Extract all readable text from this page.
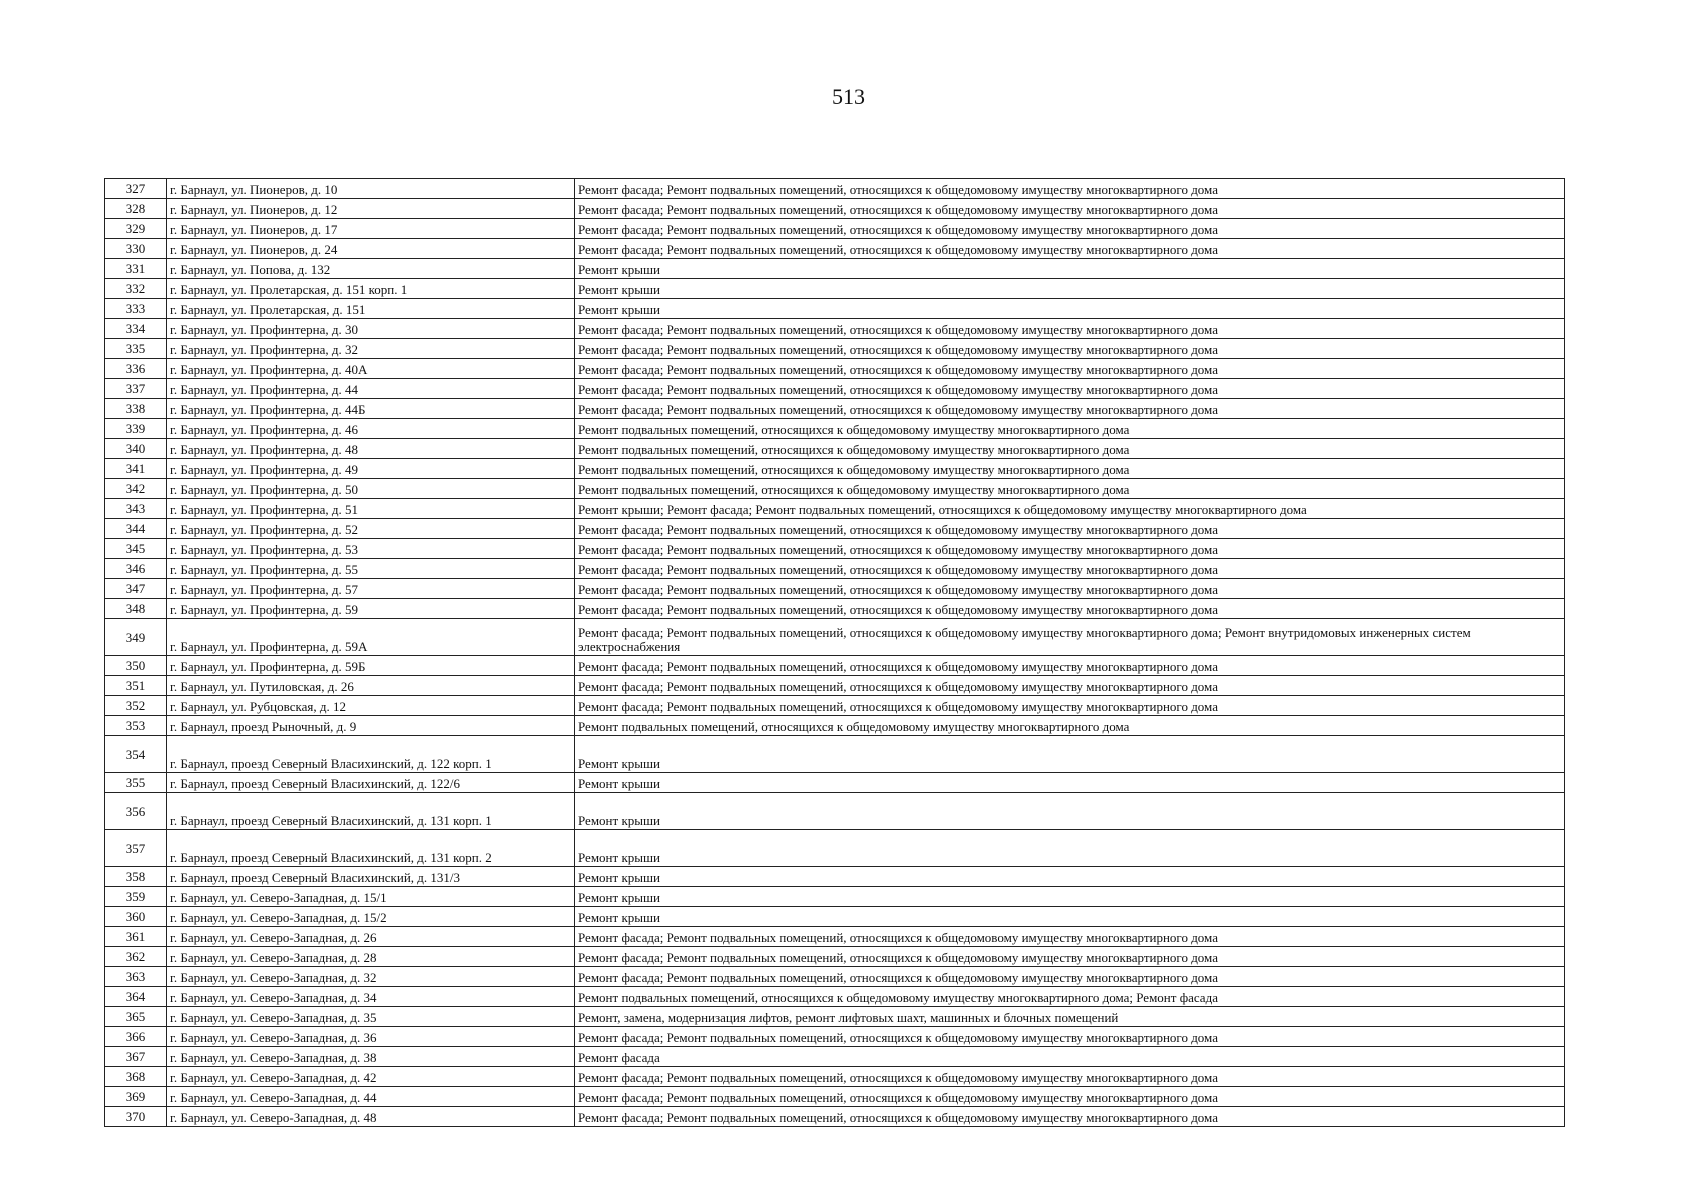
513
327	г. Барнаул, ул. Пионеров, д. 10	Ремонт фасада; Ремонт подвальных помещений, относящихся к общедомовому имуществу многоквартирного дома
328	г. Барнаул, ул. Пионеров, д. 12	Ремонт фасада; Ремонт подвальных помещений, относящихся к общедомовому имуществу многоквартирного дома
329	г. Барнаул, ул. Пионеров, д. 17	Ремонт фасада; Ремонт подвальных помещений, относящихся к общедомовому имуществу многоквартирного дома
330	г. Барнаул, ул. Пионеров, д. 24	Ремонт фасада; Ремонт подвальных помещений, относящихся к общедомовому имуществу многоквартирного дома
331	г. Барнаул, ул. Попова, д. 132	Ремонт крыши
332	г. Барнаул, ул. Пролетарская, д. 151 корп. 1	Ремонт крыши
333	г. Барнаул, ул. Пролетарская, д. 151	Ремонт крыши
334	г. Барнаул, ул. Профинтерна, д. 30	Ремонт фасада; Ремонт подвальных помещений, относящихся к общедомовому имуществу многоквартирного дома
335	г. Барнаул, ул. Профинтерна, д. 32	Ремонт фасада; Ремонт подвальных помещений, относящихся к общедомовому имуществу многоквартирного дома
336	г. Барнаул, ул. Профинтерна, д. 40А	Ремонт фасада; Ремонт подвальных помещений, относящихся к общедомовому имуществу многоквартирного дома
337	г. Барнаул, ул. Профинтерна, д. 44	Ремонт фасада; Ремонт подвальных помещений, относящихся к общедомовому имуществу многоквартирного дома
338	г. Барнаул, ул. Профинтерна, д. 44Б	Ремонт фасада; Ремонт подвальных помещений, относящихся к общедомовому имуществу многоквартирного дома
339	г. Барнаул, ул. Профинтерна, д. 46	Ремонт подвальных помещений, относящихся к общедомовому имуществу многоквартирного дома
340	г. Барнаул, ул. Профинтерна, д. 48	Ремонт подвальных помещений, относящихся к общедомовому имуществу многоквартирного дома
341	г. Барнаул, ул. Профинтерна, д. 49	Ремонт подвальных помещений, относящихся к общедомовому имуществу многоквартирного дома
342	г. Барнаул, ул. Профинтерна, д. 50	Ремонт подвальных помещений, относящихся к общедомовому имуществу многоквартирного дома
343	г. Барнаул, ул. Профинтерна, д. 51	Ремонт крыши; Ремонт фасада; Ремонт подвальных помещений, относящихся к общедомовому имуществу многоквартирного дома
344	г. Барнаул, ул. Профинтерна, д. 52	Ремонт фасада; Ремонт подвальных помещений, относящихся к общедомовому имуществу многоквартирного дома
345	г. Барнаул, ул. Профинтерна, д. 53	Ремонт фасада; Ремонт подвальных помещений, относящихся к общедомовому имуществу многоквартирного дома
346	г. Барнаул, ул. Профинтерна, д. 55	Ремонт фасада; Ремонт подвальных помещений, относящихся к общедомовому имуществу многоквартирного дома
347	г. Барнаул, ул. Профинтерна, д. 57	Ремонт фасада; Ремонт подвальных помещений, относящихся к общедомовому имуществу многоквартирного дома
348	г. Барнаул, ул. Профинтерна, д. 59	Ремонт фасада; Ремонт подвальных помещений, относящихся к общедомовому имуществу многоквартирного дома
349	г. Барнаул, ул. Профинтерна, д. 59А	Ремонт фасада; Ремонт подвальных помещений, относящихся к общедомовому имуществу многоквартирного дома; Ремонт внутридомовых инженерных систем электроснабжения
350	г. Барнаул, ул. Профинтерна, д. 59Б	Ремонт фасада; Ремонт подвальных помещений, относящихся к общедомовому имуществу многоквартирного дома
351	г. Барнаул, ул. Путиловская, д. 26	Ремонт фасада; Ремонт подвальных помещений, относящихся к общедомовому имуществу многоквартирного дома
352	г. Барнаул, ул. Рубцовская, д. 12	Ремонт фасада; Ремонт подвальных помещений, относящихся к общедомовому имуществу многоквартирного дома
353	г. Барнаул, проезд Рыночный, д. 9	Ремонт подвальных помещений, относящихся к общедомовому имуществу многоквартирного дома
354	г. Барнаул, проезд Северный Власихинский, д. 122 корп. 1	Ремонт крыши
355	г. Барнаул, проезд Северный Власихинский, д. 122/6	Ремонт крыши
356	г. Барнаул, проезд Северный Власихинский, д. 131 корп. 1	Ремонт крыши
357	г. Барнаул, проезд Северный Власихинский, д. 131 корп. 2	Ремонт крыши
358	г. Барнаул, проезд Северный Власихинский, д. 131/3	Ремонт крыши
359	г. Барнаул, ул. Северо-Западная, д. 15/1	Ремонт крыши
360	г. Барнаул, ул. Северо-Западная, д. 15/2	Ремонт крыши
361	г. Барнаул, ул. Северо-Западная, д. 26	Ремонт фасада; Ремонт подвальных помещений, относящихся к общедомовому имуществу многоквартирного дома
362	г. Барнаул, ул. Северо-Западная, д. 28	Ремонт фасада; Ремонт подвальных помещений, относящихся к общедомовому имуществу многоквартирного дома
363	г. Барнаул, ул. Северо-Западная, д. 32	Ремонт фасада; Ремонт подвальных помещений, относящихся к общедомовому имуществу многоквартирного дома
364	г. Барнаул, ул. Северо-Западная, д. 34	Ремонт подвальных помещений, относящихся к общедомовому имуществу многоквартирного дома; Ремонт фасада
365	г. Барнаул, ул. Северо-Западная, д. 35	Ремонт, замена, модернизация лифтов, ремонт лифтовых шахт, машинных и блочных помещений
366	г. Барнаул, ул. Северо-Западная, д. 36	Ремонт фасада; Ремонт подвальных помещений, относящихся к общедомовому имуществу многоквартирного дома
367	г. Барнаул, ул. Северо-Западная, д. 38	Ремонт фасада
368	г. Барнаул, ул. Северо-Западная, д. 42	Ремонт фасада; Ремонт подвальных помещений, относящихся к общедомовому имуществу многоквартирного дома
369	г. Барнаул, ул. Северо-Западная, д. 44	Ремонт фасада; Ремонт подвальных помещений, относящихся к общедомовому имуществу многоквартирного дома
370	г. Барнаул, ул. Северо-Западная, д. 48	Ремонт фасада; Ремонт подвальных помещений, относящихся к общедомовому имуществу многоквартирного дома
